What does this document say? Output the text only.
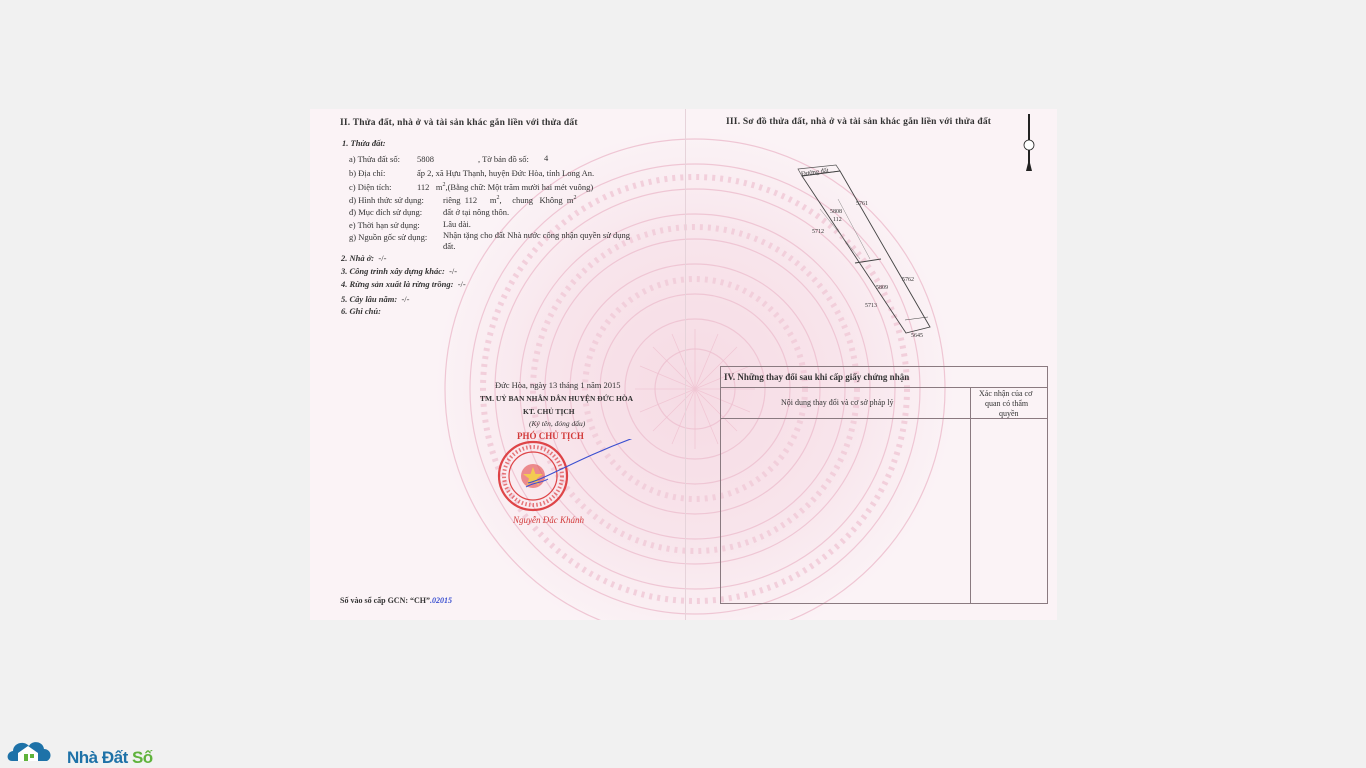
II. Thửa đất, nhà ở và tài sản khác gắn liền với thửa đất
1. Thửa đất:
a) Thửa đất số: 5808	, Tờ bản đồ số: 4
b) Địa chỉ:	ấp 2, xã Hựu Thạnh, huyện Đức Hòa, tỉnh Long An.
c) Diện tích:	112 $m^2,(Bằng$ chữ: Một trăm mười hai mét vuông)
d) Hình thức sử dụng: riêng 112 $m^2$,     chung Không $m^2$
đ) Mục đích sử dụng: đất ở tại nông thôn.
e) Thời hạn sử dụng:	Lâu dài.
g) Nguồn gốc sử dụng: Nhận tặng cho đất Nhà nước công nhận quyền sử dụng
đất.
2. Nhà ở: -/-
3. Công trình xây dựng khác: -/-
4. Rừng sản xuất là rừng trồng: -/-
5. Cây lâu năm: -/-
6. Ghi chú:
Đức Hòa, ngày 13 tháng 1 năm 2015
TM. UỶ BAN NHÂN DÂN HUYỆN ĐỨC HÒA
KT. CHỦ TỊCH
(Ký tên, đóng dấu)
PHÓ CHỦ TỊCH
Nguyễn Đắc Khánh
Số vào sổ cấp GCN: “CH”.02015
III. Sơ đồ thửa đất, nhà ở và tài sản khác gắn liền với thửa đất
Đường đất
5808
112
5761
5712
5762
5809
5713
5645
IV. Những thay đổi sau khi cấp giấy chứng nhận
Nội dung thay đổi và cơ sở pháp lý
Xác nhận của cơ
quan có thẩm
quyền
Nhà Đất Số
